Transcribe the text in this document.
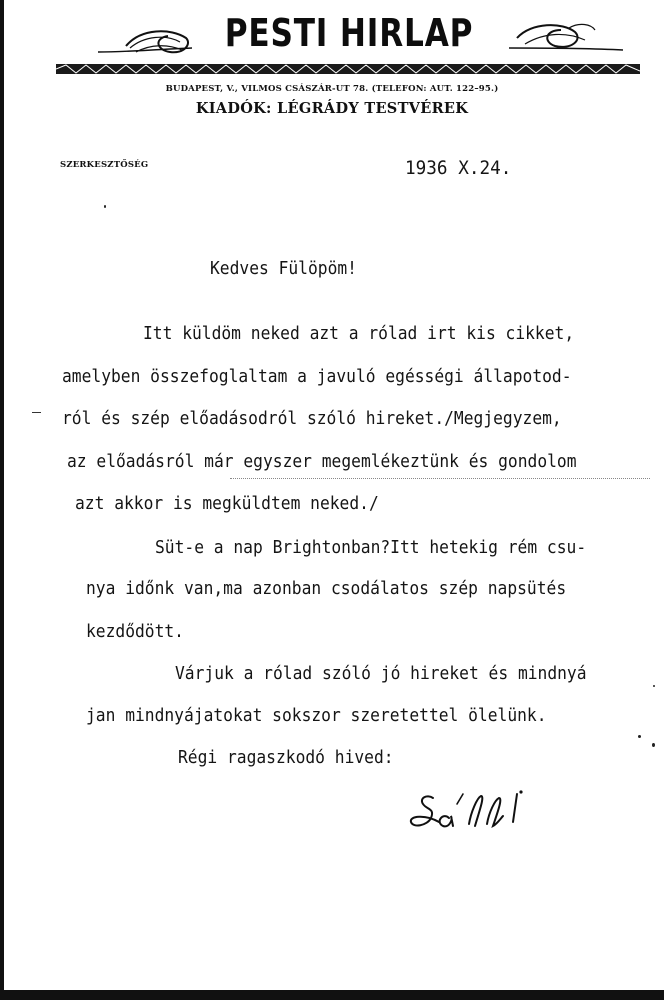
PESTI HIRLAP
BUDAPEST, V., VILMOS CSÁSZÁR-UT 78. (TELEFON: AUT. 122–95.)
KIADÓK: LÉGRÁDY TESTVÉREK
SZERKESZTŐSÉG	1936 X.24.
Kedves Fülöpöm!
Itt küldöm neked azt a rólad irt kis cikket,
amelyben összefoglaltam a javuló egésségi állapotod-
ról és szép előadásodról szóló hireket./Megjegyzem,
az előadásról már egyszer megemlékeztünk és gondolom
azt akkor is megküldtem neked./
Süt-e a nap Brightonban?Itt hetekig rém csu-
nya időnk van,ma azonban csodálatos szép napsütés
kezdődött.
Várjuk a rólad szóló jó hireket és mindnyá
jan mindnyájatokat sokszor szeretettel ölelünk.
Régi ragaszkodó hived:
